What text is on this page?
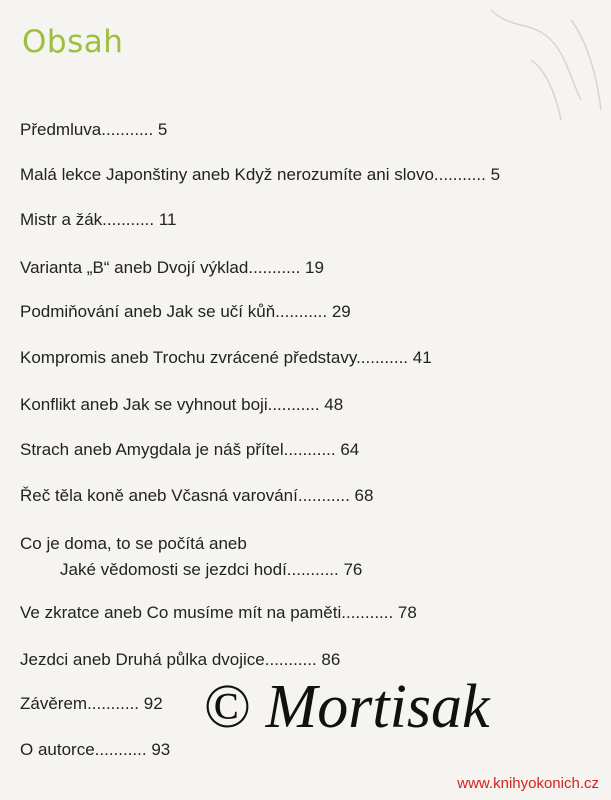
Obsah
Předmluva........... 5
Malá lekce Japonštiny aneb Když nerozumíte ani slovo........... 5
Mistr a žák........... 11
Varianta „B“ aneb Dvojí výklad........... 19
Podmiňování aneb Jak se učí kůň........... 29
Kompromis aneb Trochu zvrácené představy........... 41
Konflikt aneb Jak se vyhnout boji........... 48
Strach aneb Amygdala je náš přítel........... 64
Řeč těla koně aneb Včasná varování........... 68
Co je doma, to se počítá aneb
Jaké vědomosti se jezdci hodí........... 76
Ve zkratce aneb Co musíme mít na paměti........... 78
Jezdci aneb Druhá půlka dvojice........... 86
Závěrem........... 92
O autorce........... 93
© Mortisak
www.knihyokonich.cz
